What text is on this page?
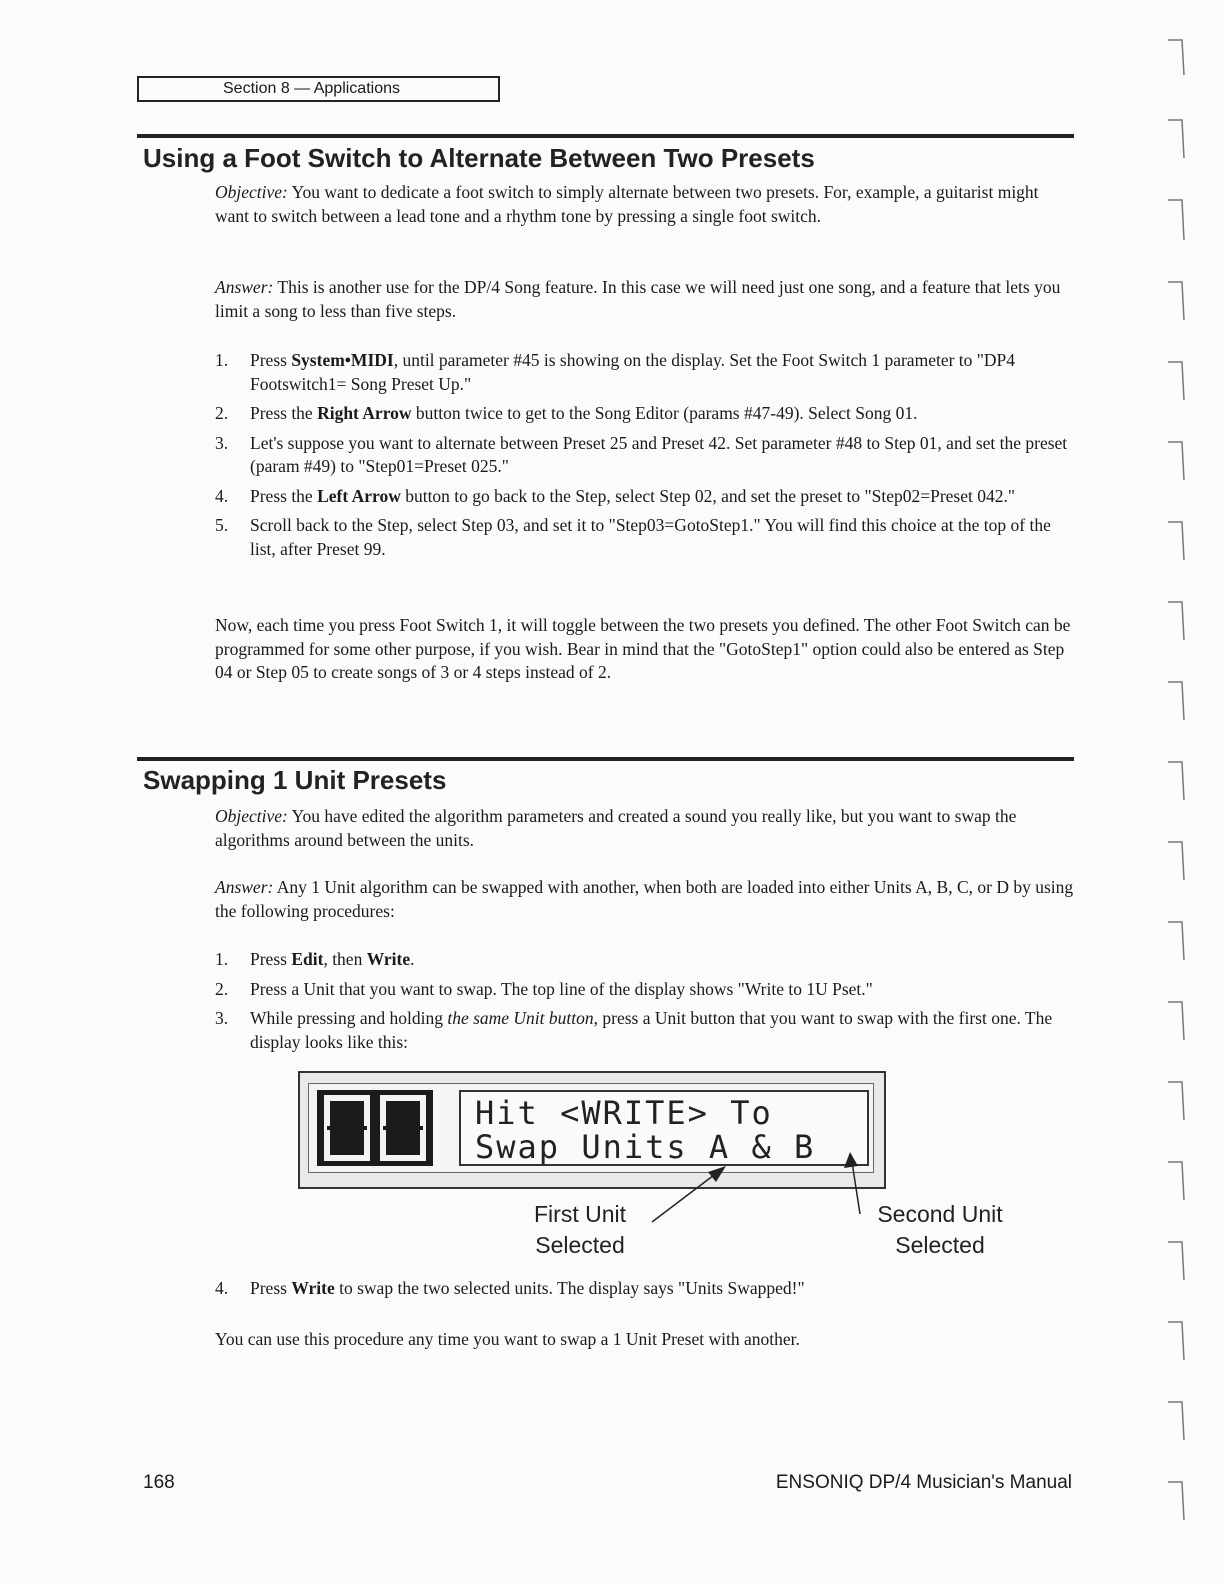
Section 8 — Applications
Using a Foot Switch to Alternate Between Two Presets

Objective: You want to dedicate a foot switch to simply alternate between two presets. For, example, a guitarist might want to switch between a lead tone and a rhythm tone by pressing a single foot switch.

Answer: This is another use for the DP/4 Song feature. In this case we will need just one song, and a feature that lets you limit a song to less than five steps.

1. Press System•MIDI, until parameter #45 is showing on the display. Set the Foot Switch 1 parameter to "DP4 Footswitch1= Song Preset Up."
2. Press the Right Arrow button twice to get to the Song Editor (params #47-49). Select Song 01.
3. Let's suppose you want to alternate between Preset 25 and Preset 42. Set parameter #48 to Step 01, and set the preset (param #49) to "Step01=Preset 025."
4. Press the Left Arrow button to go back to the Step, select Step 02, and set the preset to "Step02=Preset 042."
5. Scroll back to the Step, select Step 03, and set it to "Step03=GotoStep1." You will find this choice at the top of the list, after Preset 99.

Now, each time you press Foot Switch 1, it will toggle between the two presets you defined. The other Foot Switch can be programmed for some other purpose, if you wish. Bear in mind that the "GotoStep1" option could also be entered as Step 04 or Step 05 to create songs of 3 or 4 steps instead of 2.

Swapping 1 Unit Presets

Objective: You have edited the algorithm parameters and created a sound you really like, but you want to swap the algorithms around between the units.

Answer: Any 1 Unit algorithm can be swapped with another, when both are loaded into either Units A, B, C, or D by using the following procedures:

1. Press Edit, then Write.
2. Press a Unit that you want to swap. The top line of the display shows "Write to 1U Pset."
3. While pressing and holding the same Unit button, press a Unit button that you want to swap with the first one. The display looks like this:
Hit <WRITE> To
Swap Units A & B
First Unit
Selected
Second Unit
Selected
4. Press Write to swap the two selected units. The display says "Units Swapped!"

You can use this procedure any time you want to swap a 1 Unit Preset with another.

168	ENSONIQ DP/4 Musician's Manual
